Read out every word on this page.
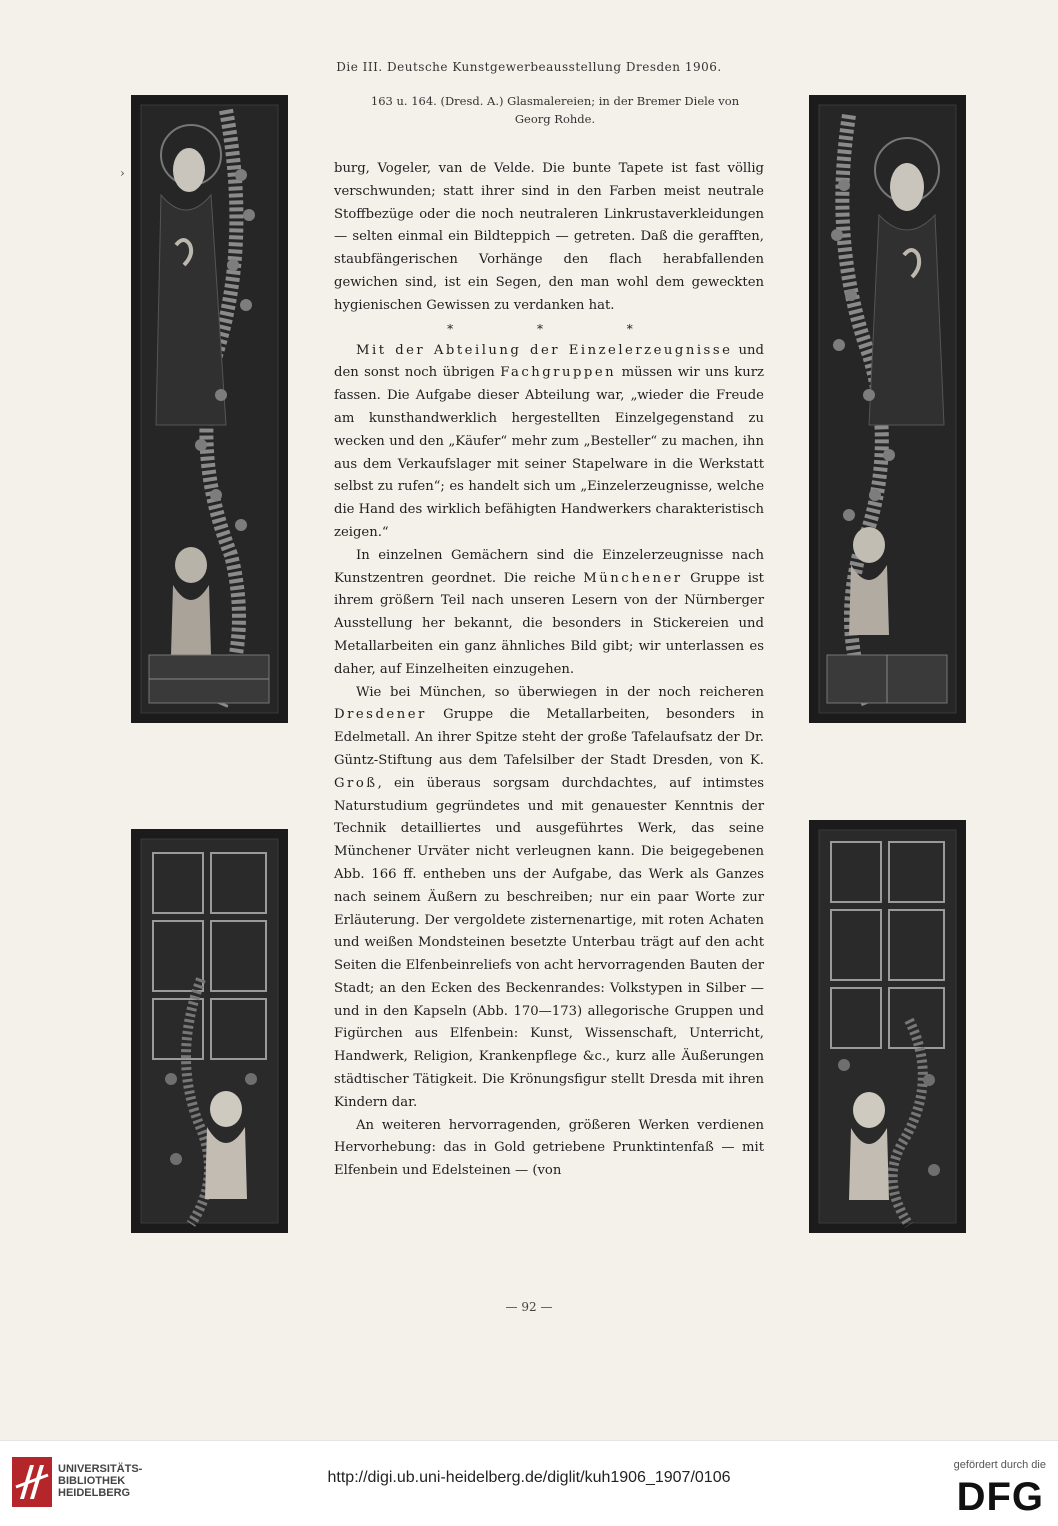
Die III. Deutsche Kunstgewerbeausstellung Dresden 1906.
163 u. 164. (Dresd. A.) Glasmalereien; in der Bremer Diele von
Georg Rohde.
›	burg, Vogeler, van de Velde. Die bunte Tapete ist fast völlig verschwunden; statt ihrer sind in den Farben meist neutrale Stoffbezüge oder die noch neutraleren Linkrustaverkleidungen — selten einmal ein Bildteppich — getreten. Daß die gerafften, staubfängerischen Vorhänge den flach herabfallenden gewichen sind, ist ein Segen, den man wohl dem geweckten hygienischen Gewissen zu verdanken hat.

* * *

Mit der Abteilung der Einzelerzeugnisse und den sonst noch übrigen Fachgruppen müssen wir uns kurz fassen. Die Aufgabe dieser Abteilung war, „wieder die Freude am kunsthandwerklich hergestellten Einzelgegenstand zu wecken und den „Käufer“ mehr zum „Besteller“ zu machen, ihn aus dem Verkaufslager mit seiner Stapelware in die Werkstatt selbst zu rufen“; es handelt sich um „Einzelerzeugnisse, welche die Hand des wirklich befähigten Handwerkers charakteristisch zeigen.“

In einzelnen Gemächern sind die Einzelerzeugnisse nach Kunstzentren geordnet. Die reiche Münchener Gruppe ist ihrem größern Teil nach unseren Lesern von der Nürnberger Ausstellung her bekannt, die besonders in Stickereien und Metallarbeiten ein ganz ähnliches Bild gibt; wir unterlassen es daher, auf Einzelheiten einzugehen.

Wie bei München, so überwiegen in der noch reicheren Dresdener Gruppe die Metallarbeiten, besonders in Edelmetall. An ihrer Spitze steht der große Tafelaufsatz der Dr. Güntz-Stiftung aus dem Tafelsilber der Stadt Dresden, von K. Groß, ein überaus sorgsam durchdachtes, auf intimstes Naturstudium gegründetes und mit genauester Kenntnis der Technik detailliertes und ausgeführtes Werk, das seine Münchener Urväter nicht verleugnen kann. Die beigegebenen Abb. 166 ff. entheben uns der Aufgabe, das Werk als Ganzes nach seinem Äußern zu beschreiben; nur ein paar Worte zur Erläuterung. Der vergoldete zisternenartige, mit roten Achaten und weißen Mondsteinen besetzte Unterbau trägt auf den acht Seiten die Elfenbeinreliefs von acht hervorragenden Bauten der Stadt; an den Ecken des Beckenrandes: Volkstypen in Silber — und in den Kapseln (Abb. 170—173) allegorische Gruppen und Figürchen aus Elfenbein: Kunst, Wissenschaft, Unterricht, Handwerk, Religion, Krankenpflege &c., kurz alle Äußerungen städtischer Tätigkeit. Die Krönungsfigur stellt Dresda mit ihren Kindern dar.

An weiteren hervorragenden, größeren Werken verdienen Hervorhebung: das in Gold getriebene Prunktintenfaß — mit Elfenbein und Edelsteinen — (von

— 92 —
UNIVERSITÄTS-
BIBLIOTHEK
HEIDELBERG
http://digi.ub.uni-heidelberg.de/diglit/kuh1906_1907/0106
gefördert durch die
DFG
